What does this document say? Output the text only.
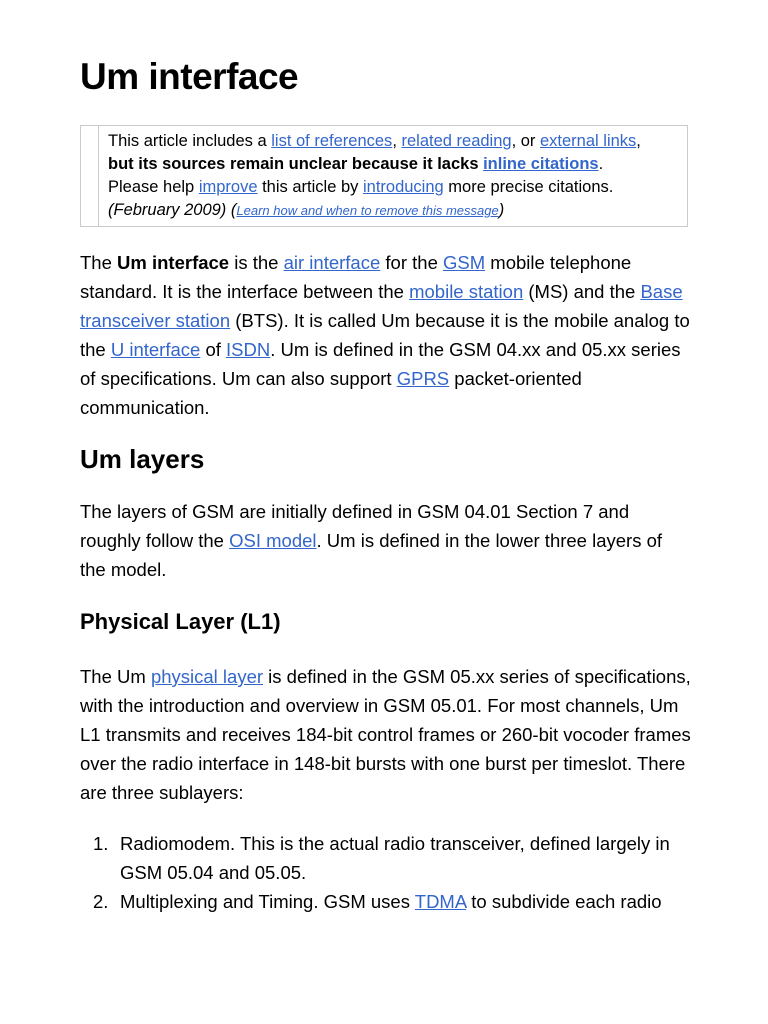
Um interface
This article includes a list of references, related reading, or external links,
but its sources remain unclear because it lacks inline citations.
Please help improve this article by introducing more precise citations.
(February 2009) (Learn how and when to remove this message)

The Um interface is the air interface for the GSM mobile telephone standard. It is the interface between the mobile station (MS) and the Base transceiver station (BTS). It is called Um because it is the mobile analog to the U interface of ISDN. Um is defined in the GSM 04.xx and 05.xx series of specifications. Um can also support GPRS packet-oriented communication.

Um layers

The layers of GSM are initially defined in GSM 04.01 Section 7 and roughly follow the OSI model. Um is defined in the lower three layers of the model.

Physical Layer (L1)

The Um physical layer is defined in the GSM 05.xx series of specifications, with the introduction and overview in GSM 05.01. For most channels, Um L1 transmits and receives 184-bit control frames or 260-bit vocoder frames over the radio interface in 148-bit bursts with one burst per timeslot. There are three sublayers:

1. Radiomodem. This is the actual radio transceiver, defined largely in GSM 05.04 and 05.05.
2. Multiplexing and Timing. GSM uses TDMA to subdivide each radio
